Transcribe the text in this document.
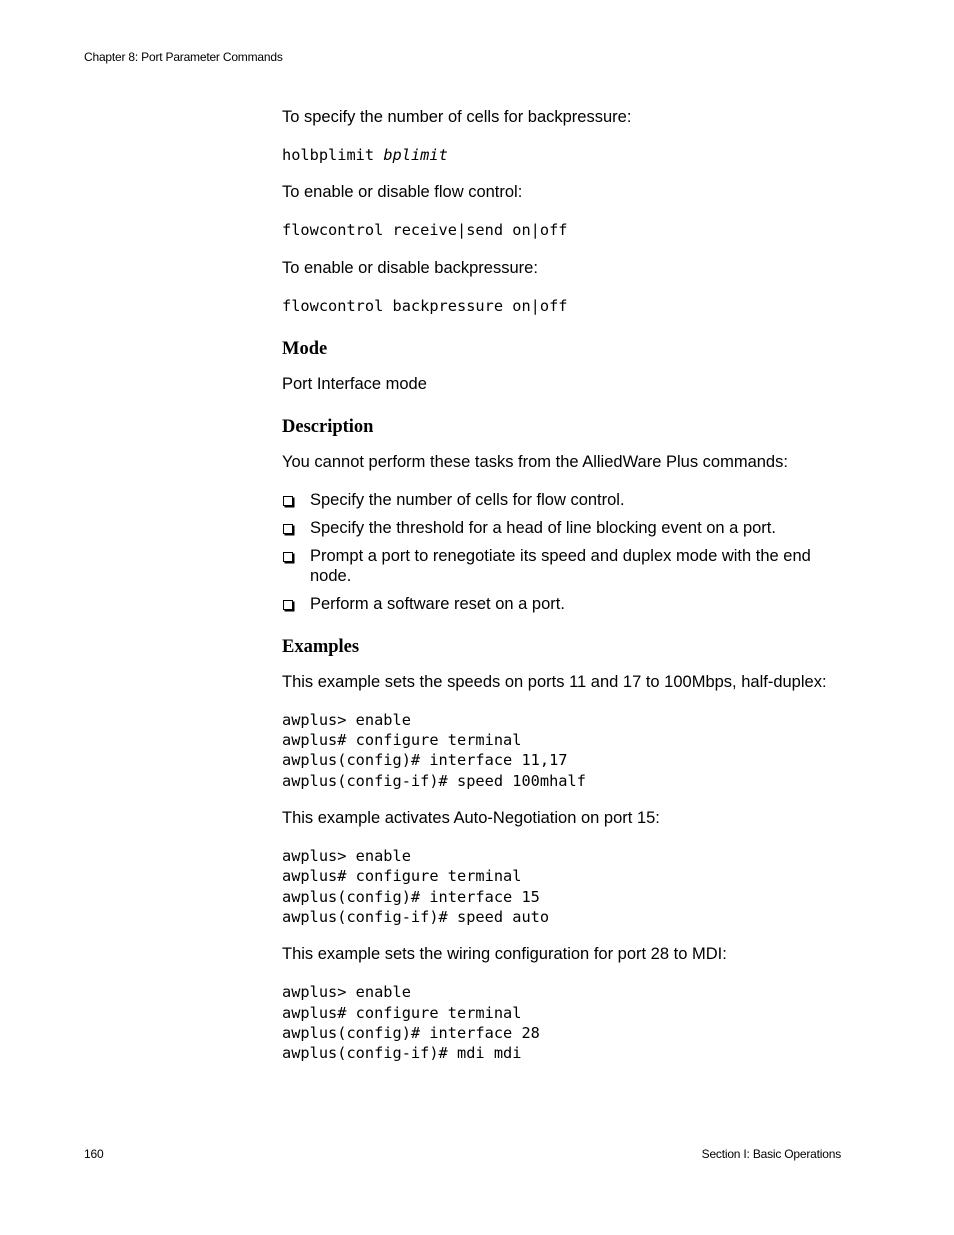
Chapter 8: Port Parameter Commands

To specify the number of cells for backpressure:

holbplimit bplimit

To enable or disable flow control:

flowcontrol receive|send on|off

To enable or disable backpressure:

flowcontrol backpressure on|off
Mode

Port Interface mode

Description

You cannot perform these tasks from the AlliedWare Plus commands:

Specify the number of cells for flow control.
Specify the threshold for a head of line blocking event on a port.
Prompt a port to renegotiate its speed and duplex mode with the end node.
Perform a software reset on a port.
Examples

This example sets the speeds on ports 11 and 17 to 100Mbps, half-duplex:

awplus> enable
awplus# configure terminal
awplus(config)# interface 11,17
awplus(config-if)# speed 100mhalf

This example activates Auto-Negotiation on port 15:

awplus> enable
awplus# configure terminal
awplus(config)# interface 15
awplus(config-if)# speed auto

This example sets the wiring configuration for port 28 to MDI:

awplus> enable
awplus# configure terminal
awplus(config)# interface 28
awplus(config-if)# mdi mdi
160	Section I: Basic Operations
